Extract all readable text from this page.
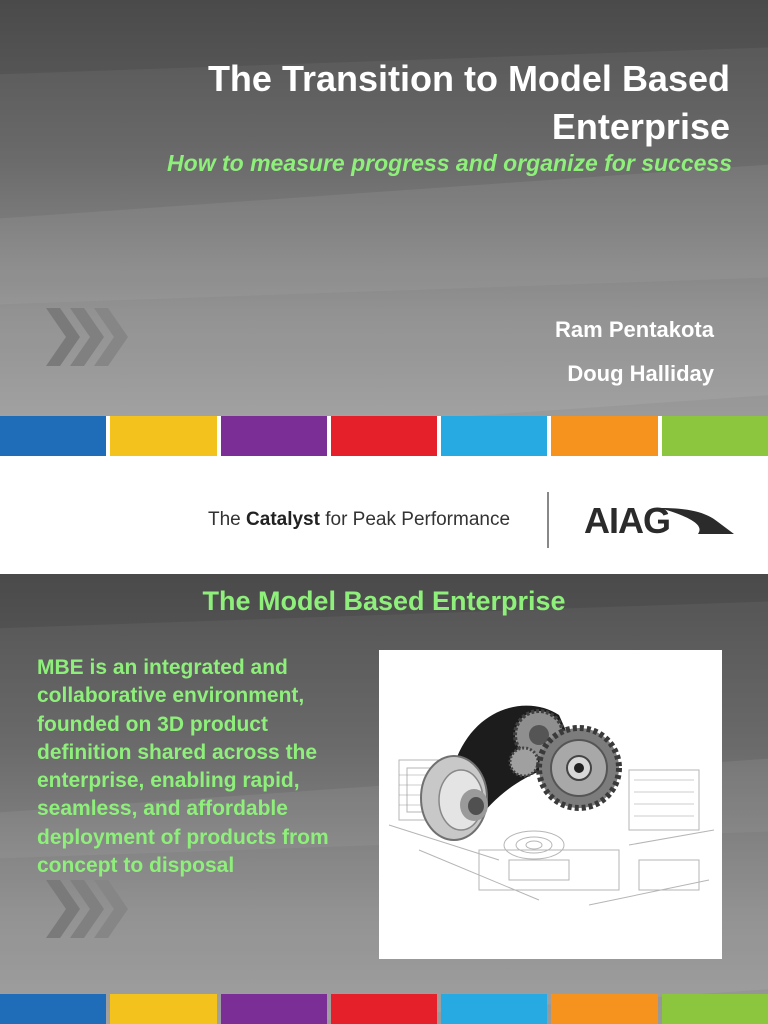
The Transition to Model Based Enterprise
How to measure progress and organize for success
Ram Pentakota
Doug Halliday
The Catalyst for Peak Performance AIAG
The Model Based Enterprise
MBE is an integrated and collaborative environment, founded on 3D product definition shared across the enterprise, enabling rapid, seamless, and affordable deployment of products from concept to disposal
